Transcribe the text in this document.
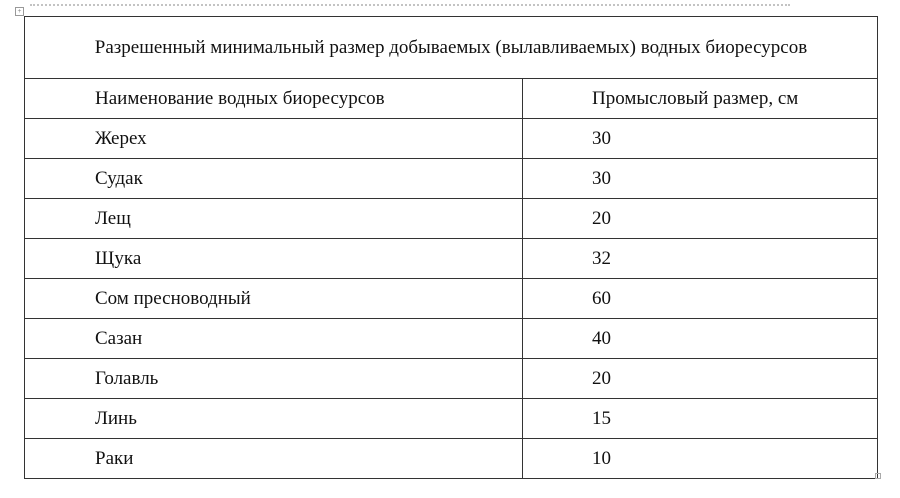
+
Разрешенный минимальный размер добываемых (вылавливаемых) водных биоресурсов	
Наименование водных биоресурсов	Промысловый размер, см
Жерех	30
Судак	30
Лещ	20
Щука	32
Сом пресноводный	60
Сазан	40
Голавль	20
Линь	15
Раки	10
